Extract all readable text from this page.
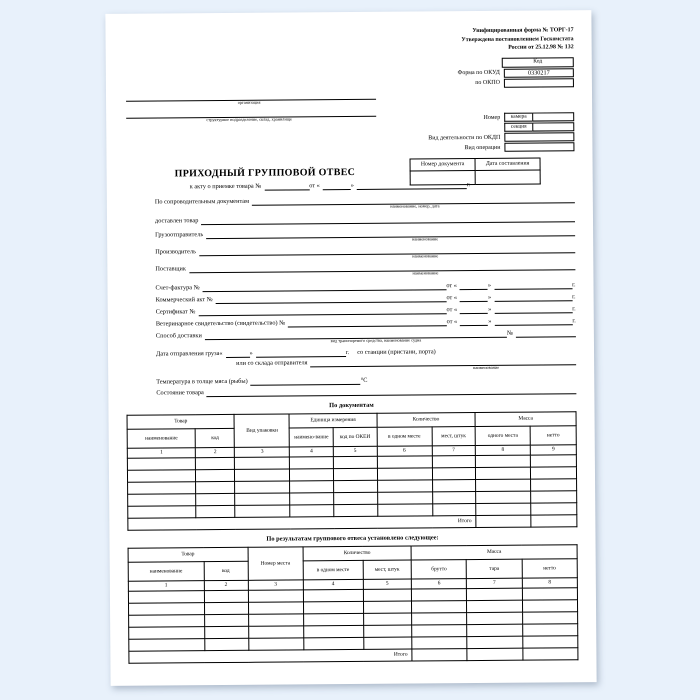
Унифицированная форма № ТОРГ-17
Утверждена постановлением Госкомстата
России от 25.12.98 № 132
Код
Форма по ОКУД	0330217
по ОКПО
организация
структурное подразделение, склад, хранилище	Номер	камера
секция
Вид деятельности по ОКДП
Вид операции
Номер документа	Дата составления

ПРИХОДНЫЙ ГРУППОВОЙ ОТВЕС
к акту о приемке товара №	от «	»	г.
По сопроводительным документам
наименование, номер, дата
доставлен товар
Грузоотправитель
наименование
Производитель
наименование
Поставщик
наименование
Счет-фактура №	от «	»	г.
Коммерческий акт №	от «	»	г.
Сертификат №	от «	»	г.
Ветеринарное свидетельство (свидетельство) №	от «	»	г.
Способ доставки	№
вид транспортного средства, наименование судна
Дата отправления груза «	»	г. со станции (пристани, порта)
или со склада отправителя
наименование
Температура в толще мяса (рыбы)	°C
Состояние товара
По документам
Товар		Вид упаковки	Единица измерения		Количество		Масса	
наименование	код		наимено-вание	код по ОКЕИ	в одном месте	мест, штук	одного места	нетто
1	2	3	4	5	6	7	8	9

Итого								
По результатам группового отвеса установлено следующее:
Товар		Номер места	Количество		Масса		
наименование	код		в одном месте	мест, штук	брутто	тара	нетто
1	2	3	4	5	6	7	8

Итого							
